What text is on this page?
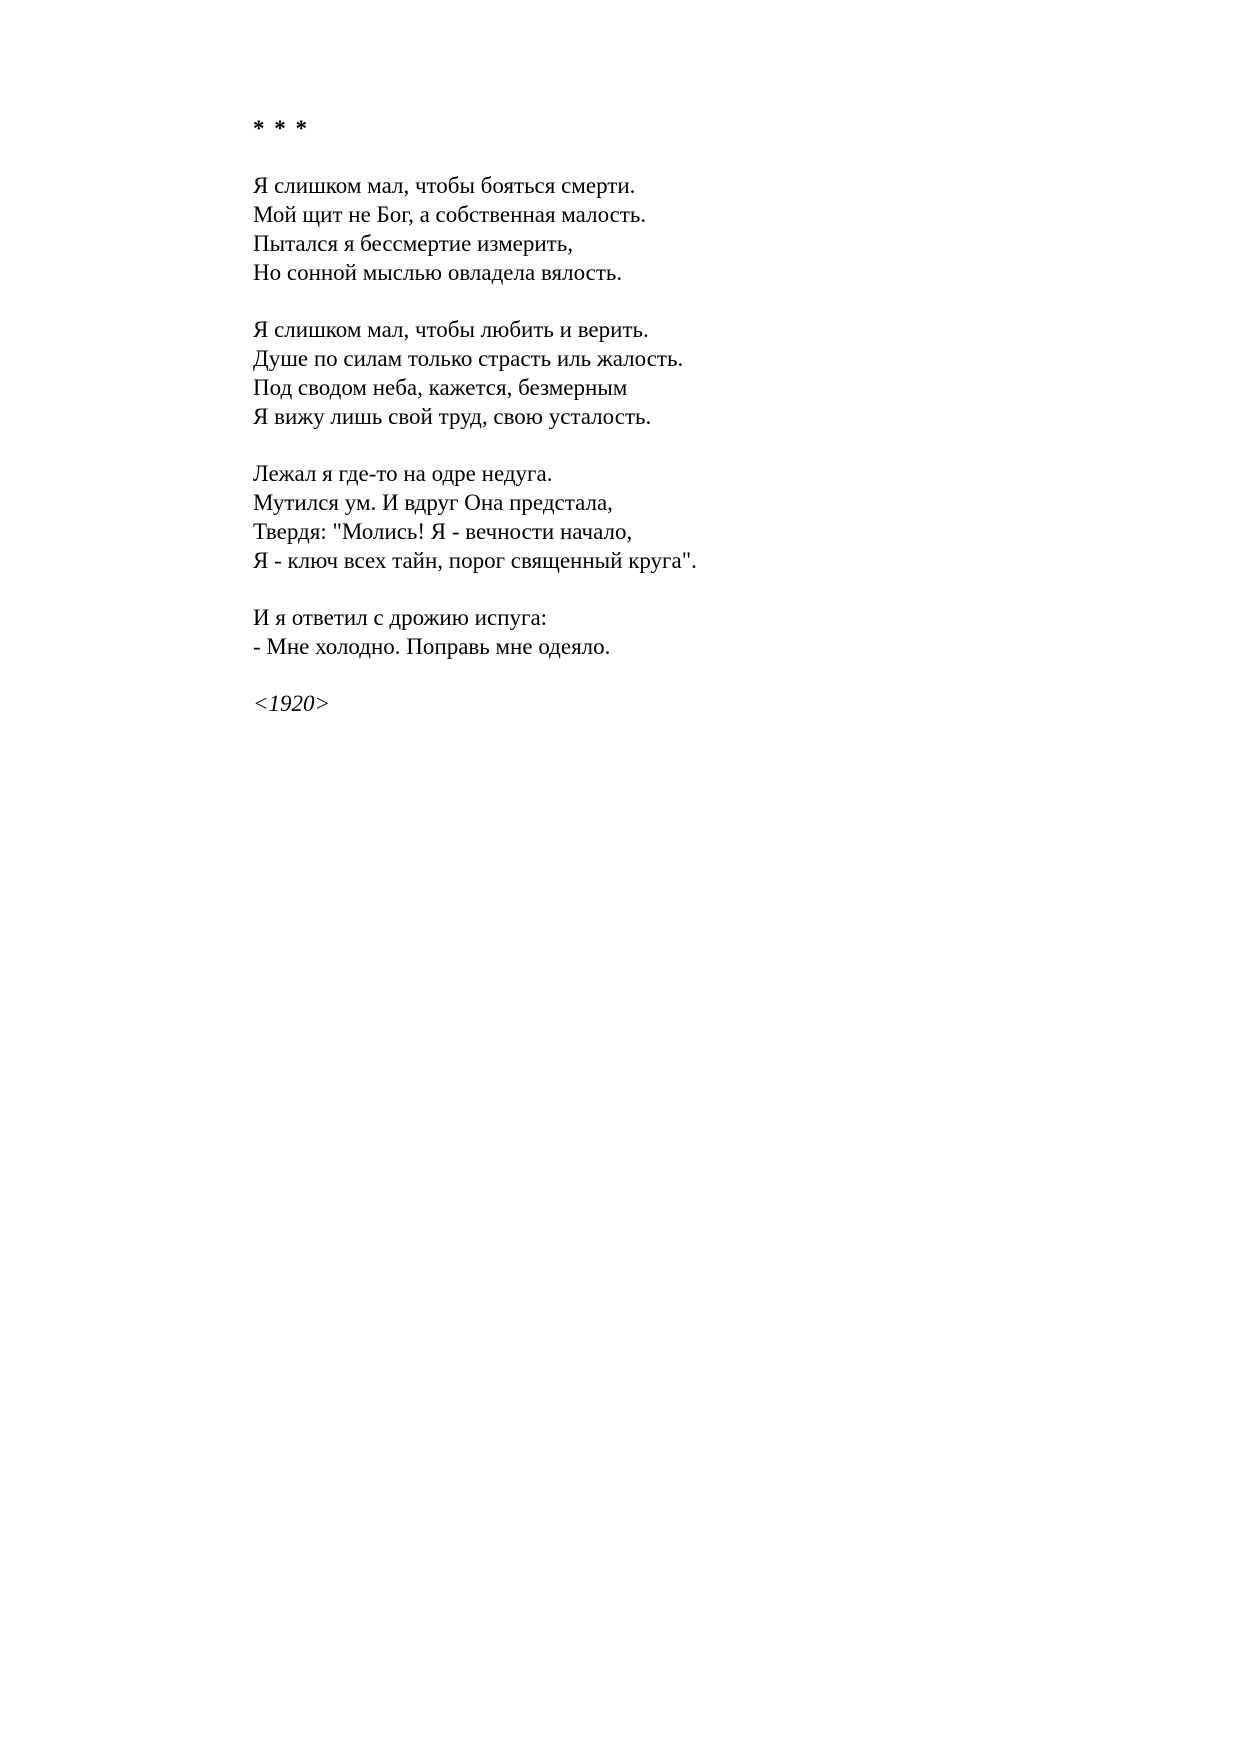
* * *
Я слишком мал, чтобы бояться смерти.
Мой щит не Бог, а собственная малость.
Пытался я бессмертие измерить,
Но сонной мыслью овладела вялость.
Я слишком мал, чтобы любить и верить.
Душе по силам только страсть иль жалость.
Под сводом неба, кажется, безмерным
Я вижу лишь свой труд, свою усталость.
Лежал я где-то на одре недуга.
Мутился ум. И вдруг Она предстала,
Твердя: "Молись! Я - вечности начало,
Я - ключ всех тайн, порог священный круга".
И я ответил с дрожию испуга:
- Мне холодно. Поправь мне одеяло.
<1920>
